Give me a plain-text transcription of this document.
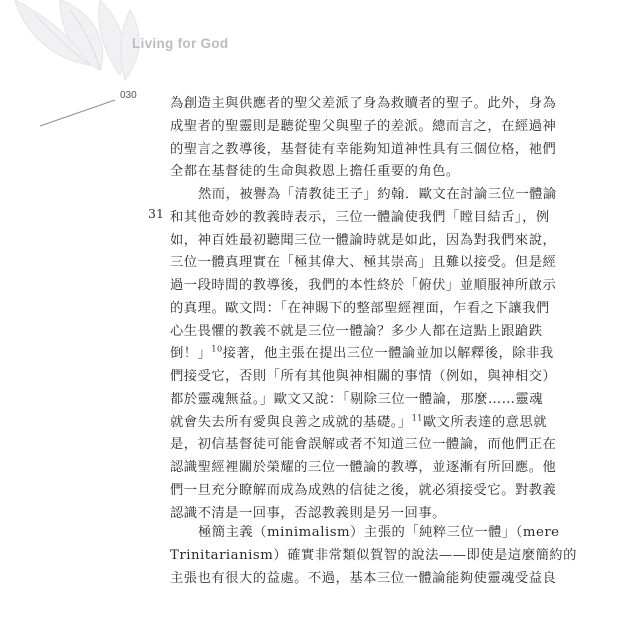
Living for God
030
31
為創造主與供應者的聖父差派了身為救贖者的聖子。此外，身為
成聖者的聖靈則是聽從聖父與聖子的差派。總而言之，在經過神
的聖言之教導後，基督徒有幸能夠知道神性具有三個位格，祂們
全都在基督徒的生命與救恩上擔任重要的角色。
然而，被譽為「清教徒王子」約翰．歐文在討論三位一體論
和其他奇妙的教義時表示，三位一體論使我們「瞠目結舌」，例
如，神百姓最初聽聞三位一體論時就是如此，因為對我們來說，
三位一體真理實在「極其偉大、極其崇高」且難以接受。但是經
過一段時間的教導後，我們的本性終於「俯伏」並順服神所啟示
的真理。歐文問：「在神賜下的整部聖經裡面，乍看之下讓我們
心生畏懼的教義不就是三位一體論？多少人都在這點上跟蹌跌
倒！」$^{10}$接著，他主張在提出三位一體論並加以解釋後，除非我
們接受它，否則「所有其他與神相關的事情（例如，與神相交）
都於靈魂無益。」歐文又說：「剔除三位一體論，那麼……靈魂
就會失去所有愛與良善之成就的基礎。」$^{11}$歐文所表達的意思就
是，初信基督徒可能會誤解或者不知道三位一體論，而他們正在
認識聖經裡關於榮耀的三位一體論的教導，並逐漸有所回應。他
們一旦充分瞭解而成為成熟的信徒之後，就必須接受它。對教義
認識不清是一回事，否認教義則是另一回事。
極簡主義（minimalism）主張的「純粹三位一體」（mere
Trinitarianism）確實非常類似賀智的說法——即使是這麼簡約的
主張也有很大的益處。不過，基本三位一體論能夠使靈魂受益良
